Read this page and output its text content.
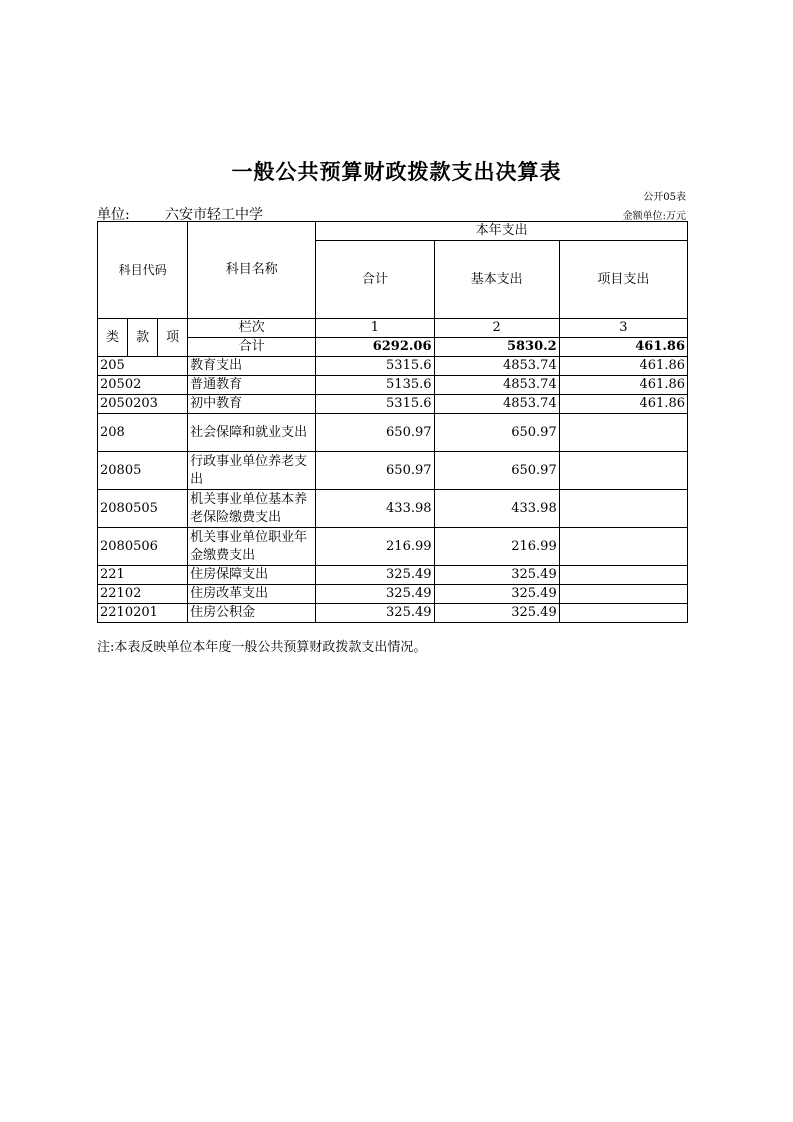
一般公共预算财政拨款支出决算表
公开05表
单位:	六安市轻工中学	金额单位:万元
科目代码			科目名称	本年支出		
				合计	基本支出	项目支出
类	款	项	栏次	1	2	3
			合计	6292.06	5830.2	461.86
205			教育支出	5315.6	4853.74	461.86
20502			普通教育	5135.6	4853.74	461.86
2050203			初中教育	5315.6	4853.74	461.86
208			社会保障和就业支出	650.97	650.97	
20805			行政事业单位养老支出	650.97	650.97	
2080505			机关事业单位基本养老保险缴费支出	433.98	433.98	
2080506			机关事业单位职业年金缴费支出	216.99	216.99	
221			住房保障支出	325.49	325.49	
22102			住房改革支出	325.49	325.49	
2210201			住房公积金	325.49	325.49	
注:本表反映单位本年度一般公共预算财政拨款支出情况。
